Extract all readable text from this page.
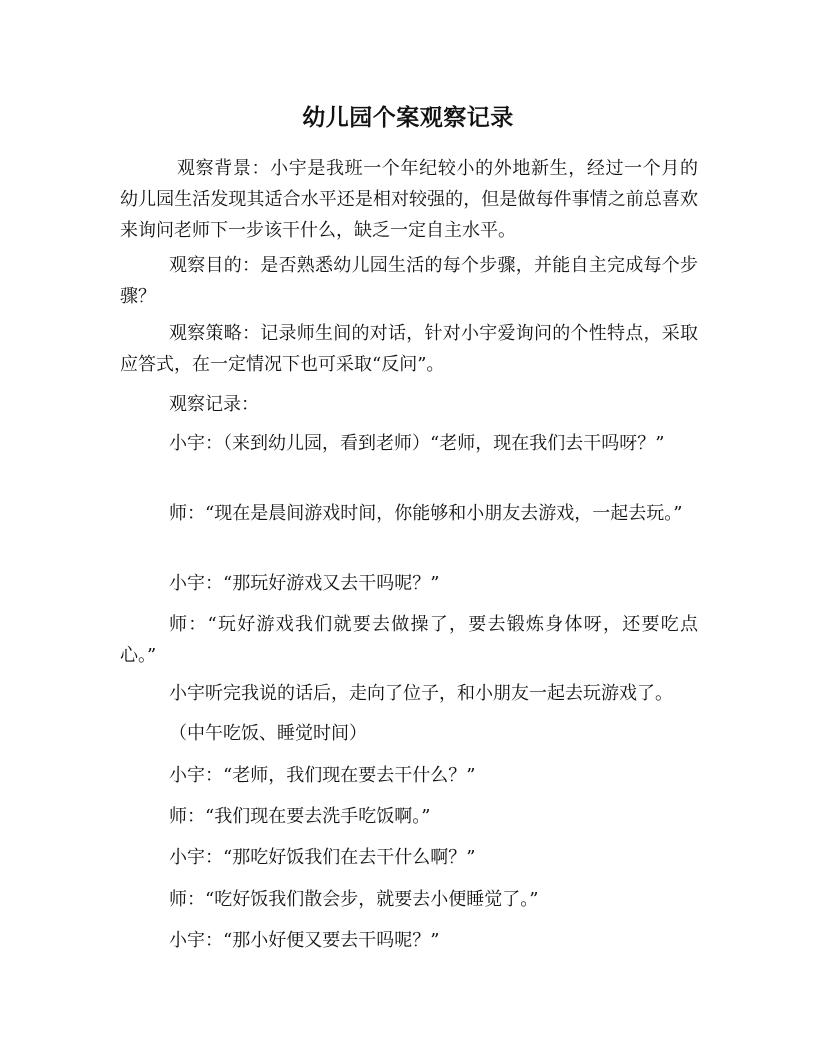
幼儿园个案观察记录

观察背景：小宇是我班一个年纪较小的外地新生，经过一个月的幼儿园生活发现其适合水平还是相对较强的，但是做每件事情之前总喜欢来询问老师下一步该干什么，缺乏一定自主水平。

观察目的：是否熟悉幼儿园生活的每个步骤，并能自主完成每个步骤？

观察策略：记录师生间的对话，针对小宇爱询问的个性特点，采取应答式，在一定情况下也可采取“反问”。

观察记录：

小宇：（来到幼儿园，看到老师）“老师，现在我们去干吗呀？”

师：“现在是晨间游戏时间，你能够和小朋友去游戏，一起去玩。”

小宇：“那玩好游戏又去干吗呢？”

师：“玩好游戏我们就要去做操了，要去锻炼身体呀，还要吃点心。”

小宇听完我说的话后，走向了位子，和小朋友一起去玩游戏了。

（中午吃饭、睡觉时间）

小宇：“老师，我们现在要去干什么？”

师：“我们现在要去洗手吃饭啊。”

小宇：“那吃好饭我们在去干什么啊？”

师：“吃好饭我们散会步，就要去小便睡觉了。”

小宇：“那小好便又要去干吗呢？”
